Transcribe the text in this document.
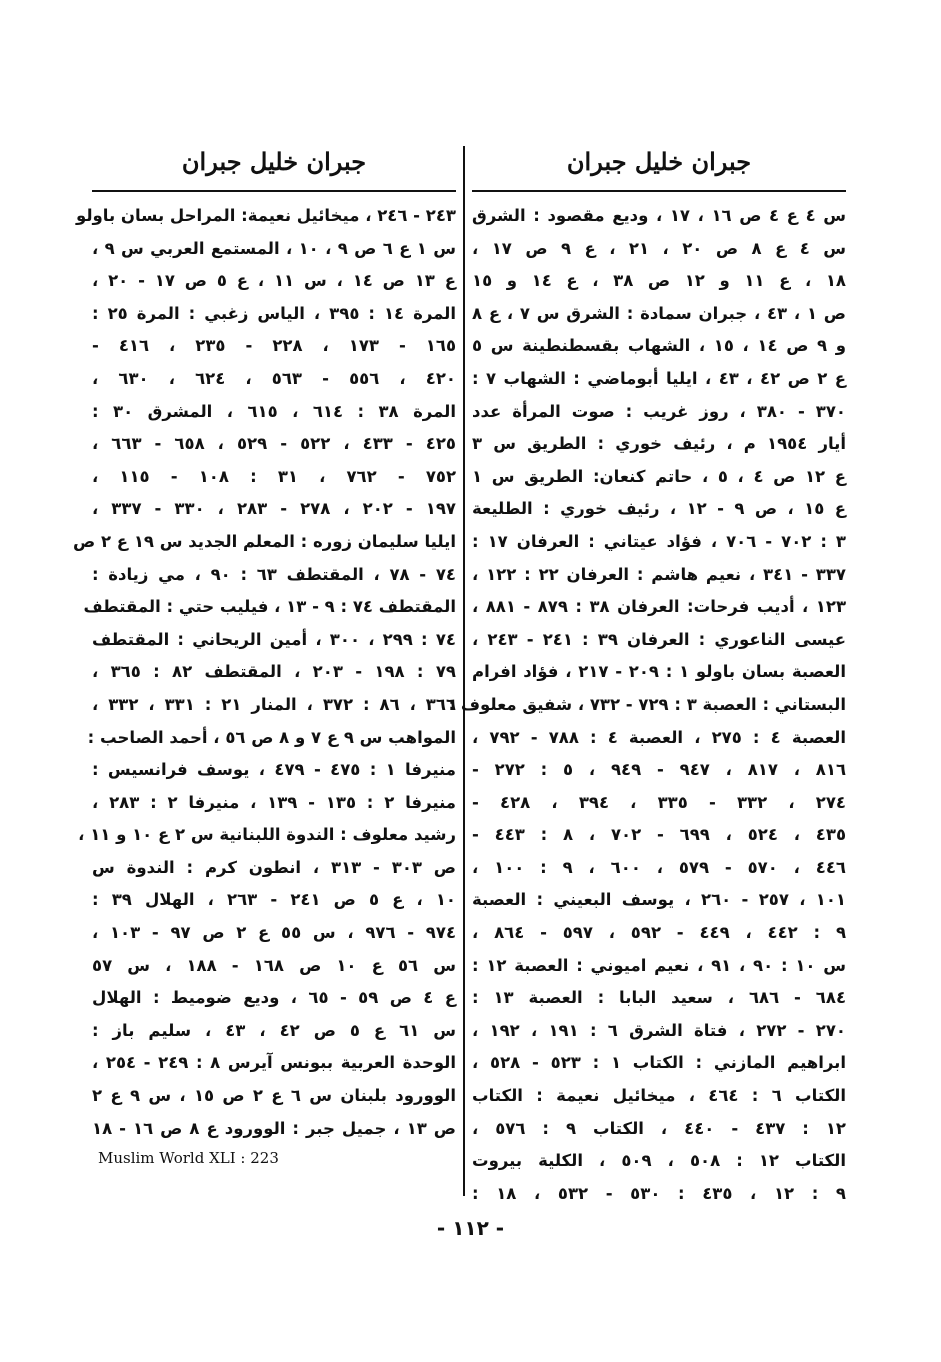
جبران خليل جبران
س ٤ ع ٤ ص ١٦ ، ١٧ ، وديع مقصود : الشرق
س ٤ ع ٨ ص ٢٠ ، ٢١ ، ع ٩ ص ١٧ ،
١٨ ، ع ١١ و ١٢ ص ٣٨ ، ع ١٤ و ١٥
ص ١ ، ٤٣ ، جبران سمادة : الشرق س ٧ ، ع ٨
و ٩ ص ١٤ ، ١٥ ، الشهاب بقسطنطينة س ٥
ع ٢ ص ٤٢ ، ٤٣ ، ايليا أبوماضي : الشهاب ٧ :
٣٧٠ - ٣٨٠ ، روز غريب : صوت المرأة عدد
أيار ١٩٥٤ م ، رئيف خوري : الطريق س ٣
ع ١٢ ص ٤ ، ٥ ، حاتم كنعان: الطريق س ١
ع ١٥ ، ص ٩ - ١٢ ، رئيف خوري : الطليعة
٣ : ٧٠٢ - ٧٠٦ ، فؤاد عيتاني : العرفان ١٧ :
٣٣٧ - ٣٤١ ، نعيم هاشم : العرفان ٢٢ : ١٢٢ ،
١٢٣ ، أديب فرحات: العرفان ٣٨ : ٨٧٩ - ٨٨١ ،
عيسى الناعوري : العرفان ٣٩ : ٢٤١ - ٢٤٣ ،
العصبة بسان باولو ١ : ٢٠٩ - ٢١٧ ، فؤاد افرام
البستاني : العصبة ٣ : ٧٢٩ - ٧٣٢ ، شفيق معلوف :
العصبة ٤ : ٢٧٥ ، العصبة ٤ : ٧٨٨ - ٧٩٢ ،
٨١٦ ، ٨١٧ ، ٩٤٧ - ٩٤٩ ، ٥ : ٢٧٢ -
٢٧٤ ، ٣٣٢ - ٣٣٥ ، ٣٩٤ ، ٤٢٨ -
٤٣٥ ، ٥٢٤ ، ٦٩٩ - ٧٠٢ ، ٨ : ٤٤٣ -
٤٤٦ ، ٥٧٠ - ٥٧٩ ، ٦٠٠ ، ٩ : ١٠٠ ،
١٠١ ، ٢٥٧ - ٢٦٠ ، يوسف البعيني : العصبة
٩ : ٤٤٢ ، ٤٤٩ - ٥٩٢ ، ٥٩٧ - ٨٦٤ ،
س ١٠ : ٩٠ ، ٩١ ، نعيم اميوني : العصبة ١٢ :
٦٨٤ - ٦٨٦ ، سعيد البابا : العصبة ١٣ :
٢٧٠ - ٢٧٢ ، فتاة الشرق ٦ : ١٩١ ، ١٩٢ ،
ابراهيم المازني : الكتاب ١ : ٥٢٣ - ٥٢٨ ،
الكتاب ٦ : ٤٦٤ ، ميخائيل نعيمة : الكتاب
١٢ : ٤٣٧ - ٤٤٠ ، الكتاب ٩ : ٥٧٦ ،
الكتاب ١٢ : ٥٠٨ ، ٥٠٩ ، الكلية بيروت
٩ : ١٢ ، ٤٣٥ : ٥٣٠ - ٥٣٢ ، ١٨ :
جبران خليل جبران
٢٤٣ - ٢٤٦ ، ميخائيل نعيمة: المراحل بسان باولو
س ١ ع ٦ ص ٩ ، ١٠ ، المستمع العربي س ٩ ،
ع ١٣ ص ١٤ ، س ١١ ، ع ٥ ص ١٧ - ٢٠ ،
المرة ١٤ : ٣٩٥ ، الياس زغبي : المرة ٢٥ :
١٦٥ - ١٧٣ ، ٢٢٨ - ٢٣٥ ، ٤١٦ -
٤٢٠ ، ٥٥٦ - ٥٦٣ ، ٦٢٤ ، ٦٣٠ ،
المرة ٣٨ : ٦١٤ ، ٦١٥ ، المشرق ٣٠ :
٤٢٥ - ٤٣٣ ، ٥٢٢ - ٥٢٩ ، ٦٥٨ - ٦٦٣ ،
٧٥٢ - ٧٦٢ ، ٣١ : ١٠٨ - ١١٥ ،
١٩٧ - ٢٠٢ ، ٢٧٨ - ٢٨٣ ، ٣٣٠ - ٣٣٧ ،
ايليا سليمان زوره : المعلم الجديد س ١٩ ع ٢ ص
٧٤ - ٧٨ ، المقتطف ٦٣ : ٩٠ ، مي زيادة :
المقتطف ٧٤ : ٩ - ١٣ ، فيليب حتي : المقتطف
٧٤ : ٢٩٩ ، ٣٠٠ ، أمين الريحاني : المقتطف
٧٩ : ١٩٨ - ٢٠٣ ، المقتطف ٨٢ : ٣٦٥ ،
٣٦٦ ، ٨٦ : ٣٧٢ ، المنار ٢١ : ٣٣١ ، ٣٣٢ ،
المواهب س ٩ ع ٧ و ٨ ص ٥٦ ، أحمد الصاحب :
منيرفا ١ : ٤٧٥ - ٤٧٩ ، يوسف فرانسيس :
منيرفا ٢ : ١٣٥ - ١٣٩ ، منيرفا ٢ : ٢٨٣ ،
رشيد معلوف : الندوة اللبنانية س ٢ ع ١٠ و ١١ ،
ص ٣٠٣ - ٣١٣ ، انطون كرم : الندوة س
١٠ ، ع ٥ ص ٢٤١ - ٢٦٣ ، الهلال ٣٩ :
٩٧٤ - ٩٧٦ ، س ٥٥ ع ٢ ص ٩٧ - ١٠٣ ،
س ٥٦ ع ١٠ ص ١٦٨ - ١٨٨ ، س ٥٧
ع ٤ ص ٥٩ - ٦٥ ، وديع ضوميط : الهلال
س ٦١ ع ٥ ص ٤٢ ، ٤٣ ، سليم باز :
الوحدة العربية ببونس آيرس ٨ : ٢٤٩ - ٢٥٤ ،
الوورود بلبنان س ٦ ع ٢ ص ١٥ ، س ٩ ع ٢
ص ١٣ ، جميل جبر : الوورود ع ٨ ص ١٦ - ١٨
Muslim World XLI : 223
- ١١٢ -
